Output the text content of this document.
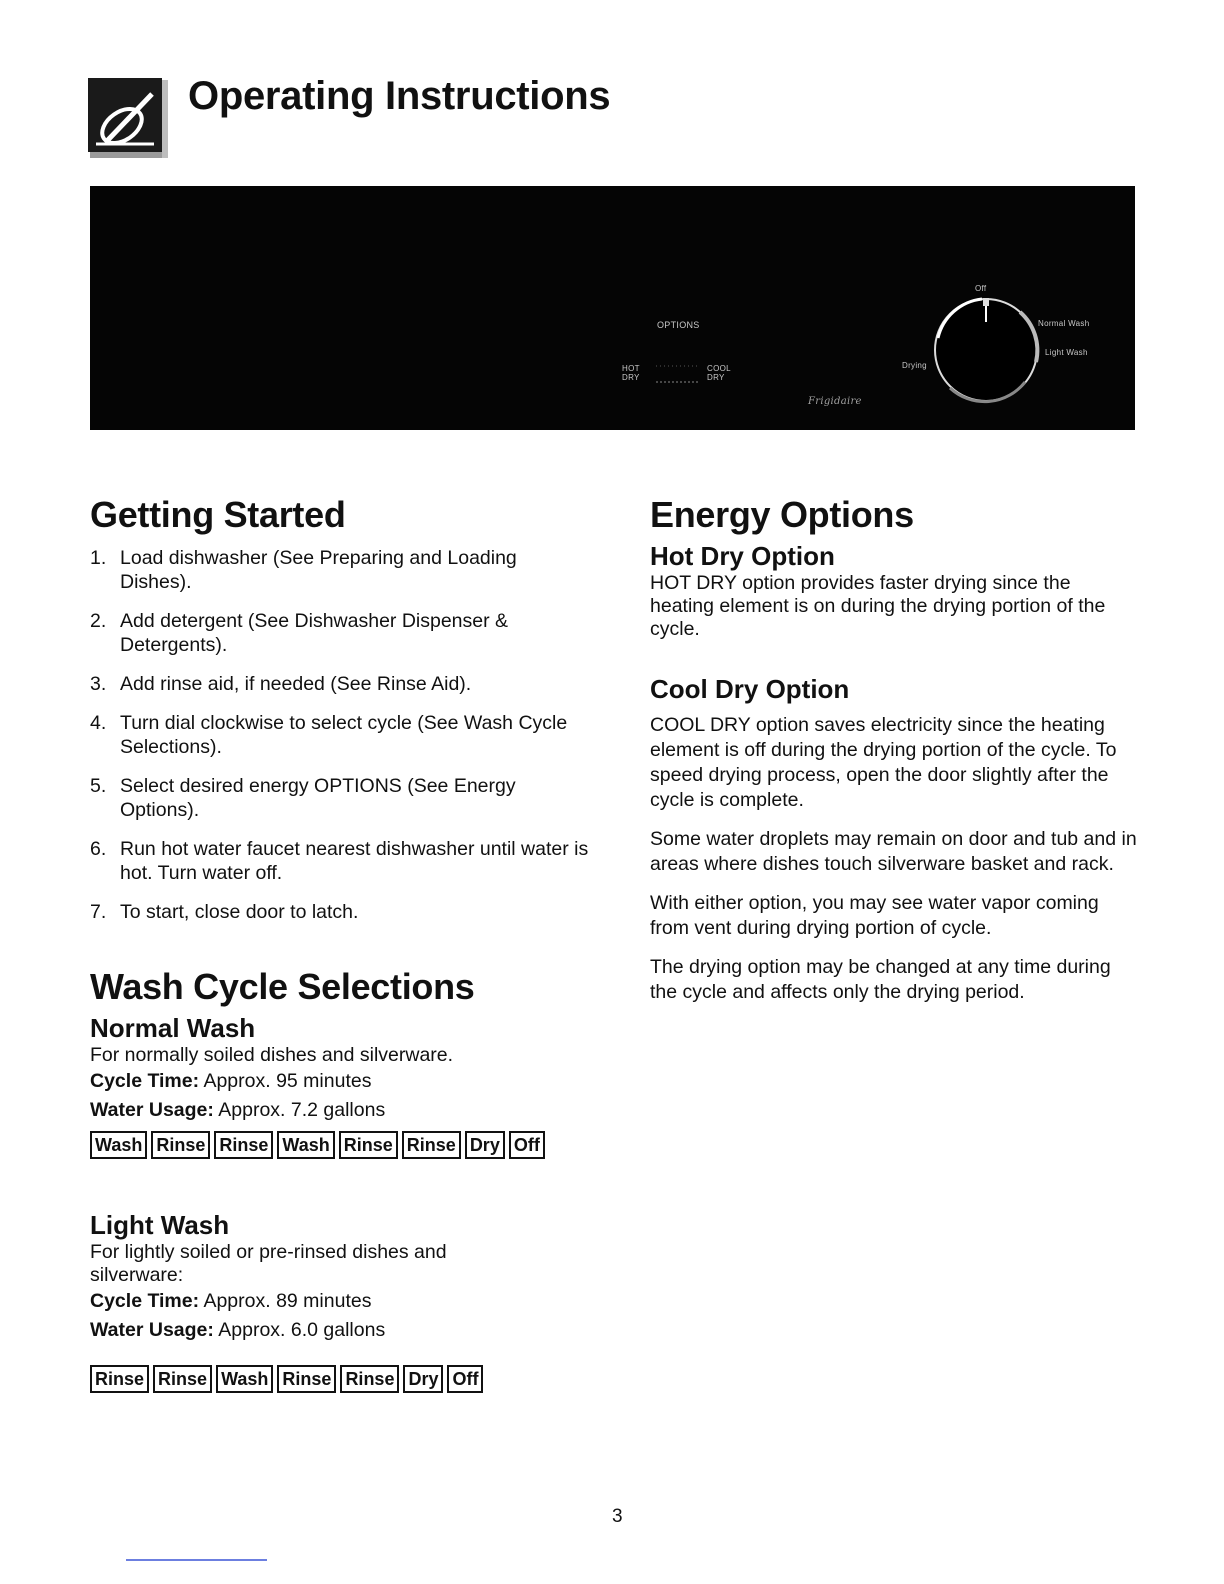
Operating Instructions
OPTIONS
HOT
DRY
COOL
DRY
Off
Normal Wash
Light Wash
Drying
Frigidaire
Getting Started
1. Load dishwasher (See Preparing and Loading Dishes).
2. Add detergent (See Dishwasher Dispenser & Detergents).
3. Add rinse aid, if needed (See Rinse Aid).
4. Turn dial clockwise to select cycle (See Wash Cycle Selections).
5. Select desired energy OPTIONS (See Energy Options).
6. Run hot water faucet nearest dishwasher until water is hot. Turn water off.
7. To start, close door to latch.
Wash Cycle Selections
Normal Wash

For normally soiled dishes and silverware.

Cycle Time: Approx. 95 minutes
Water Usage: Approx. 7.2 gallons
Wash Rinse Rinse Wash Rinse Rinse Dry Off
Light Wash

For lightly soiled or pre-rinsed dishes and silverware:

Cycle Time: Approx. 89 minutes
Water Usage: Approx. 6.0 gallons
Rinse Rinse Wash Rinse Rinse Dry Off
Energy Options
Hot Dry Option

HOT DRY option provides faster drying since the heating element is on during the drying portion of the cycle.

Cool Dry Option

COOL DRY option saves electricity since the heating element is off during the drying portion of the cycle. To speed drying process, open the door slightly after the cycle is complete.

Some water droplets may remain on door and tub and in areas where dishes touch silverware basket and rack.

With either option, you may see water vapor coming from vent during drying portion of cycle.

The drying option may be changed at any time during the cycle and affects only the drying period.

3
